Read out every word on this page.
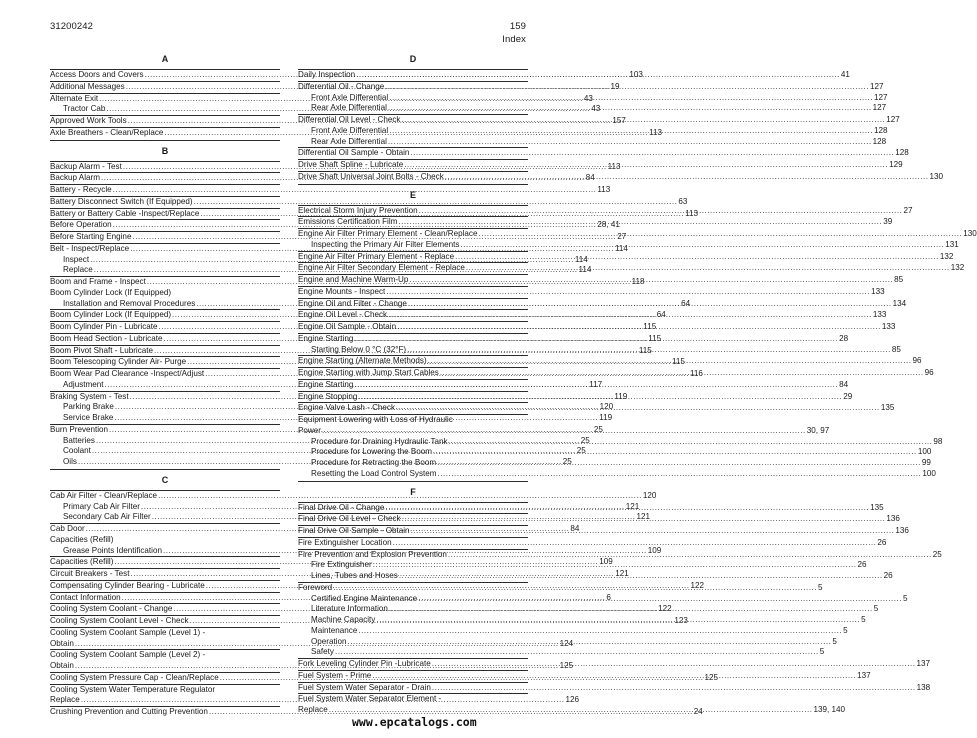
31200242	159
Index
A
Access Doors and Covers .....	103
Additional Messages .....	19
Alternate Exit .....	43
Tractor Cab .....	43
Approved Work Tools .....	157
Axle Breathers - Clean/Replace .....	113
B
Backup Alarm - Test .....	113
Backup Alarm .....	84
Battery - Recycle .....	113
Battery Disconnect Switch (If Equipped) .....	63
Battery or Battery Cable -Inspect/Replace .....	113
Before Operation .....	28, 41
Before Starting Engine .....	27
Belt - Inspect/Replace .....	114
Inspect .....	114
Replace .....	114
Boom and Frame - Inspect .....	118
Boom Cylinder Lock (If Equipped)
Installation and Removal Procedures .....	64
Boom Cylinder Lock (If Equipped) .....	64
Boom Cylinder Pin - Lubricate .....	115
Boom Head Section - Lubricate .....	115
Boom Pivot Shaft - Lubricate .....	115
Boom Telescoping Cylinder Air- Purge .....	115
Boom Wear Pad Clearance -Inspect/Adjust .....	116
Adjustment .....	117
Braking System - Test .....	119
Parking Brake .....	120
Service Brake .....	119
Burn Prevention .....	25
Batteries .....	25
Coolant .....	25
Oils .....	25
C
Cab Air Filter - Clean/Replace .....	120
Primary Cab Air Filter .....	121
Secondary Cab Air Filter .....	121
Cab Door .....	84
Capacities (Refill)
Grease Points Identification .....	109
Capacities (Refill) .....	109
Circuit Breakers - Test .....	121
Compensating Cylinder Bearing - Lubricate .....	122
Contact Information .....	6
Cooling System Coolant - Change .....	122
Cooling System Coolant Level - Check .....	123
Cooling System Coolant Sample (Level 1) -
Obtain .....	124
Cooling System Coolant Sample (Level 2) -
Obtain .....	125
Cooling System Pressure Cap - Clean/Replace .....	125
Cooling System Water Temperature Regulator
Replace .....	126
Crushing Prevention and Cutting Prevention .....	24
D
Daily Inspection .....	41
Differential Oil - Change .....	127
Front Axle Differential .....	127
Rear Axle Differential .....	127
Differential Oil Level - Check .....	127
Front Axle Differential .....	128
Rear Axle Differential .....	128
Differential Oil Sample - Obtain .....	128
Drive Shaft Spline - Lubricate .....	129
Drive Shaft Universal Joint Bolts - Check .....	130
E
Electrical Storm Injury Prevention .....	27
Emissions Certification Film .....	39
Engine Air Filter Primary Element - Clean/Replace .....	130
Inspecting the Primary Air Filter Elements .....	131
Engine Air Filter Primary Element - Replace .....	132
Engine Air Filter Secondary Element - Replace .....	132
Engine and Machine Warm-Up .....	85
Engine Mounts - Inspect .....	133
Engine Oil and Filter - Change .....	134
Engine Oil Level - Check .....	133
Engine Oil Sample - Obtain .....	133
Engine Starting .....	28
Starting Below 0 °C (32°F) .....	85
Engine Starting (Alternate Methods) .....	96
Engine Starting with Jump Start Cables .....	96
Engine Starting .....	84
Engine Stopping .....	29
Engine Valve Lash - Check .....	135
Equipment Lowering with Loss of Hydraulic
Power .....	30, 97
Procedure for Draining Hydraulic Tank .....	98
Procedure for Lowering the Boom .....	100
Procedure for Retracting the Boom .....	99
Resetting the Load Control System .....	100
F
Final Drive Oil - Change .....	135
Final Drive Oil Level - Check .....	136
Final Drive Oil Sample - Obtain .....	136
Fire Extinguisher Location .....	26
Fire Prevention and Explosion Prevention .....	25
Fire Extinguisher .....	26
Lines, Tubes and Hoses .....	26
Foreword .....	5
Certified Engine Maintenance .....	5
Literature Information .....	5
Machine Capacity .....	5
Maintenance .....	5
Operation .....	5
Safety .....	5
Fork Leveling Cylinder Pin -Lubricate .....	137
Fuel System - Prime .....	137
Fuel System Water Separator - Drain .....	138
Fuel System Water Separator Element -
Replace .....	139, 140
www.epcatalogs.com
